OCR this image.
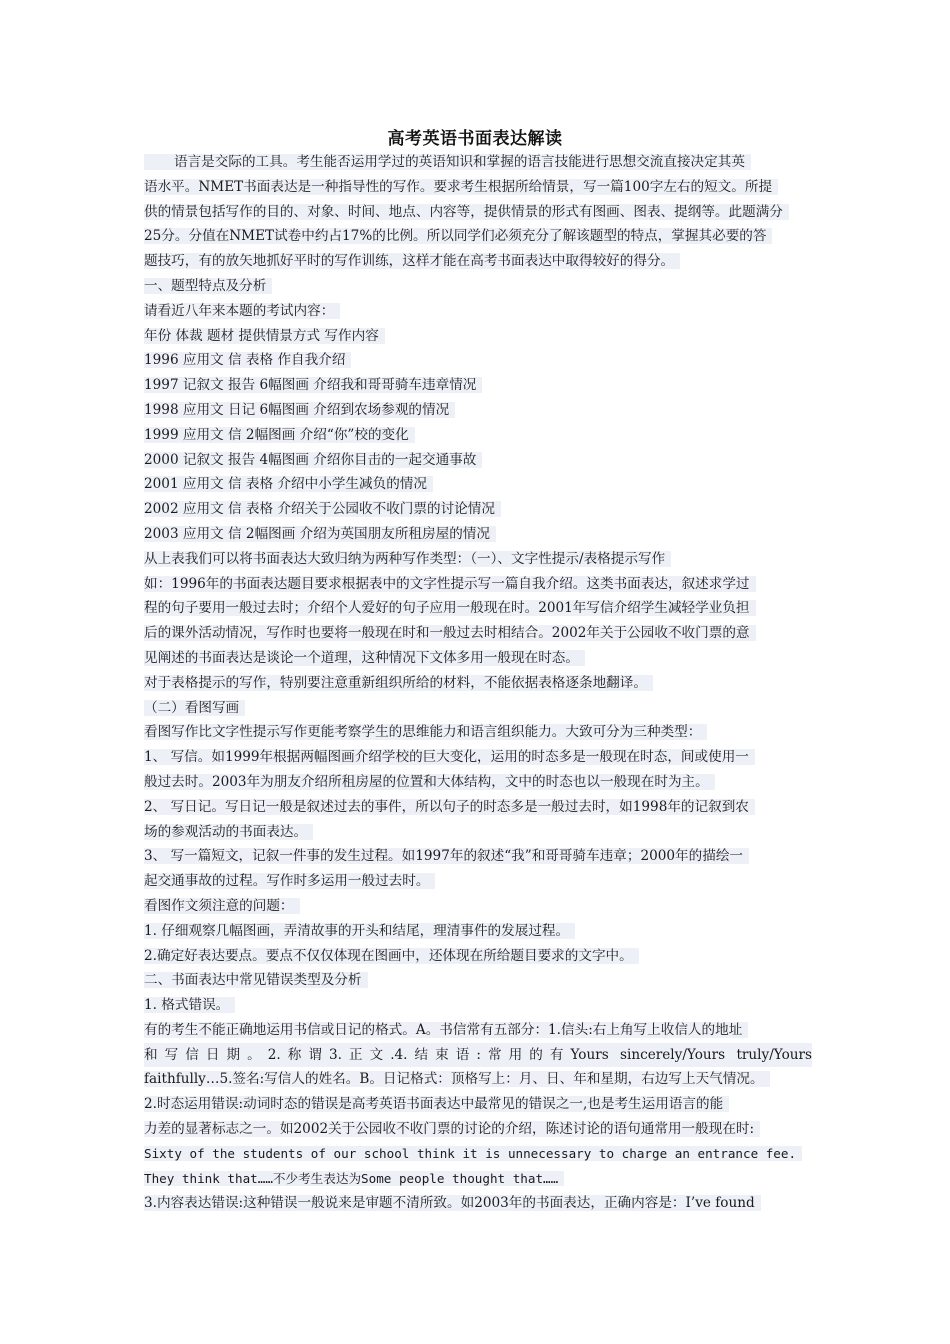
高考英语书面表达解读
语言是交际的工具。考生能否运用学过的英语知识和掌握的语言技能进行思想交流直接决定其英
语水平。NMET书面表达是一种指导性的写作。要求考生根据所给情景，写一篇100字左右的短文。所提
供的情景包括写作的目的、对象、时间、地点、内容等，提供情景的形式有图画、图表、提纲等。此题满分
25分。分值在NMET试卷中约占17%的比例。所以同学们必须充分了解该题型的特点，掌握其必要的答
题技巧，有的放矢地抓好平时的写作训练，这样才能在高考书面表达中取得较好的得分。
一、题型特点及分析
请看近八年来本题的考试内容：
年份 体裁 题材 提供情景方式 写作内容
1996 应用文 信 表格 作自我介绍
1997 记叙文 报告 6幅图画 介绍我和哥哥骑车违章情况
1998 应用文 日记 6幅图画 介绍到农场参观的情况
1999 应用文 信 2幅图画 介绍“你”校的变化
2000 记叙文 报告 4幅图画 介绍你目击的一起交通事故
2001 应用文 信 表格 介绍中小学生减负的情况
2002 应用文 信 表格 介绍关于公园收不收门票的讨论情况
2003 应用文 信 2幅图画 介绍为英国朋友所租房屋的情况
从上表我们可以将书面表达大致归纳为两种写作类型：（一）、文字性提示/表格提示写作
如：1996年的书面表达题目要求根据表中的文字性提示写一篇自我介绍。这类书面表达，叙述求学过
程的句子要用一般过去时；介绍个人爱好的句子应用一般现在时。2001年写信介绍学生减轻学业负担
后的课外活动情况，写作时也要将一般现在时和一般过去时相结合。2002年关于公园收不收门票的意
见阐述的书面表达是谈论一个道理，这种情况下文体多用一般现在时态。
对于表格提示的写作，特别要注意重新组织所给的材料，不能依据表格逐条地翻译。
（二）看图写画
看图写作比文字性提示写作更能考察学生的思维能力和语言组织能力。大致可分为三种类型：
1、 写信。如1999年根据两幅图画介绍学校的巨大变化，运用的时态多是一般现在时态，间或使用一
般过去时。2003年为朋友介绍所租房屋的位置和大体结构，文中的时态也以一般现在时为主。
2、 写日记。写日记一般是叙述过去的事件，所以句子的时态多是一般过去时，如1998年的记叙到农
场的参观活动的书面表达。
3、 写一篇短文，记叙一件事的发生过程。如1997年的叙述“我”和哥哥骑车违章；2000年的描绘一
起交通事故的过程。写作时多运用一般过去时。
看图作文须注意的问题：
1. 仔细观察几幅图画，弄清故事的开头和结尾，理清事件的发展过程。
2.确定好表达要点。要点不仅仅体现在图画中，还体现在所给题目要求的文字中。
二、书面表达中常见错误类型及分析
1. 格式错误。
有的考生不能正确地运用书信或日记的格式。A。书信常有五部分：1.信头:右上角写上收信人的地址
和写信日期。2.称谓3.正文.4.结束语:常用的有Yours sincerely/Yours truly/Yours
faithfully…5.签名:写信人的姓名。B。日记格式：顶格写上：月、日、年和星期，右边写上天气情况。
2.时态运用错误:动词时态的错误是高考英语书面表达中最常见的错误之一,也是考生运用语言的能
力差的显著标志之一。如2002关于公园收不收门票的讨论的介绍，陈述讨论的语句通常用一般现在时:
Sixty of the students of our school think it is unnecessary to charge an entrance fee.
They think that……不少考生表达为Some people thought that……
3.内容表达错误:这种错误一般说来是审题不清所致。如2003年的书面表达，正确内容是：I’ve found
